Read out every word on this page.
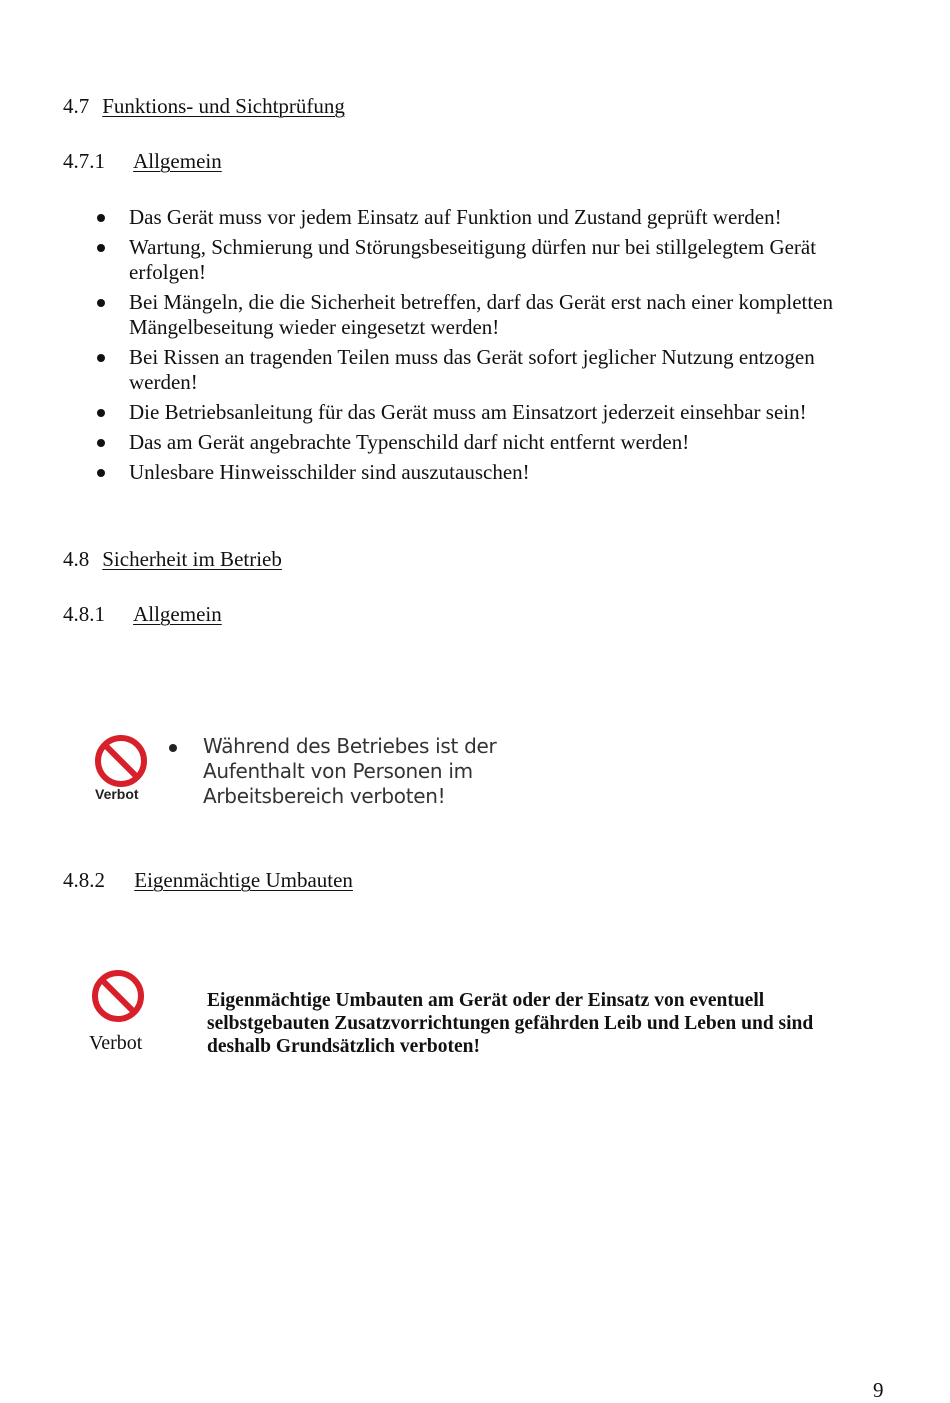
4.7 Funktions- und Sichtprüfung
4.7.1 Allgemein
Das Gerät muss vor jedem Einsatz auf Funktion und Zustand geprüft werden!
Wartung, Schmierung und Störungsbeseitigung dürfen nur bei stillgelegtem Gerät erfolgen!
Bei Mängeln, die die Sicherheit betreffen, darf das Gerät erst nach einer kompletten Mängelbeseitung wieder eingesetzt werden!
Bei Rissen an tragenden Teilen muss das Gerät sofort jeglicher Nutzung entzogen werden!
Die Betriebsanleitung für das Gerät muss am Einsatzort jederzeit einsehbar sein!
Das am Gerät angebrachte Typenschild darf nicht entfernt werden!
Unlesbare Hinweisschilder sind auszutauschen!
4.8 Sicherheit im Betrieb
4.8.1 Allgemein
Verbot
Während des Betriebes ist der
Aufenthalt von Personen im
Arbeitsbereich verboten!
4.8.2 Eigenmächtige Umbauten
Verbot
Eigenmächtige Umbauten am Gerät oder der Einsatz von eventuell
selbstgebauten Zusatzvorrichtungen gefährden Leib und Leben und sind
deshalb Grundsätzlich verboten!
9
